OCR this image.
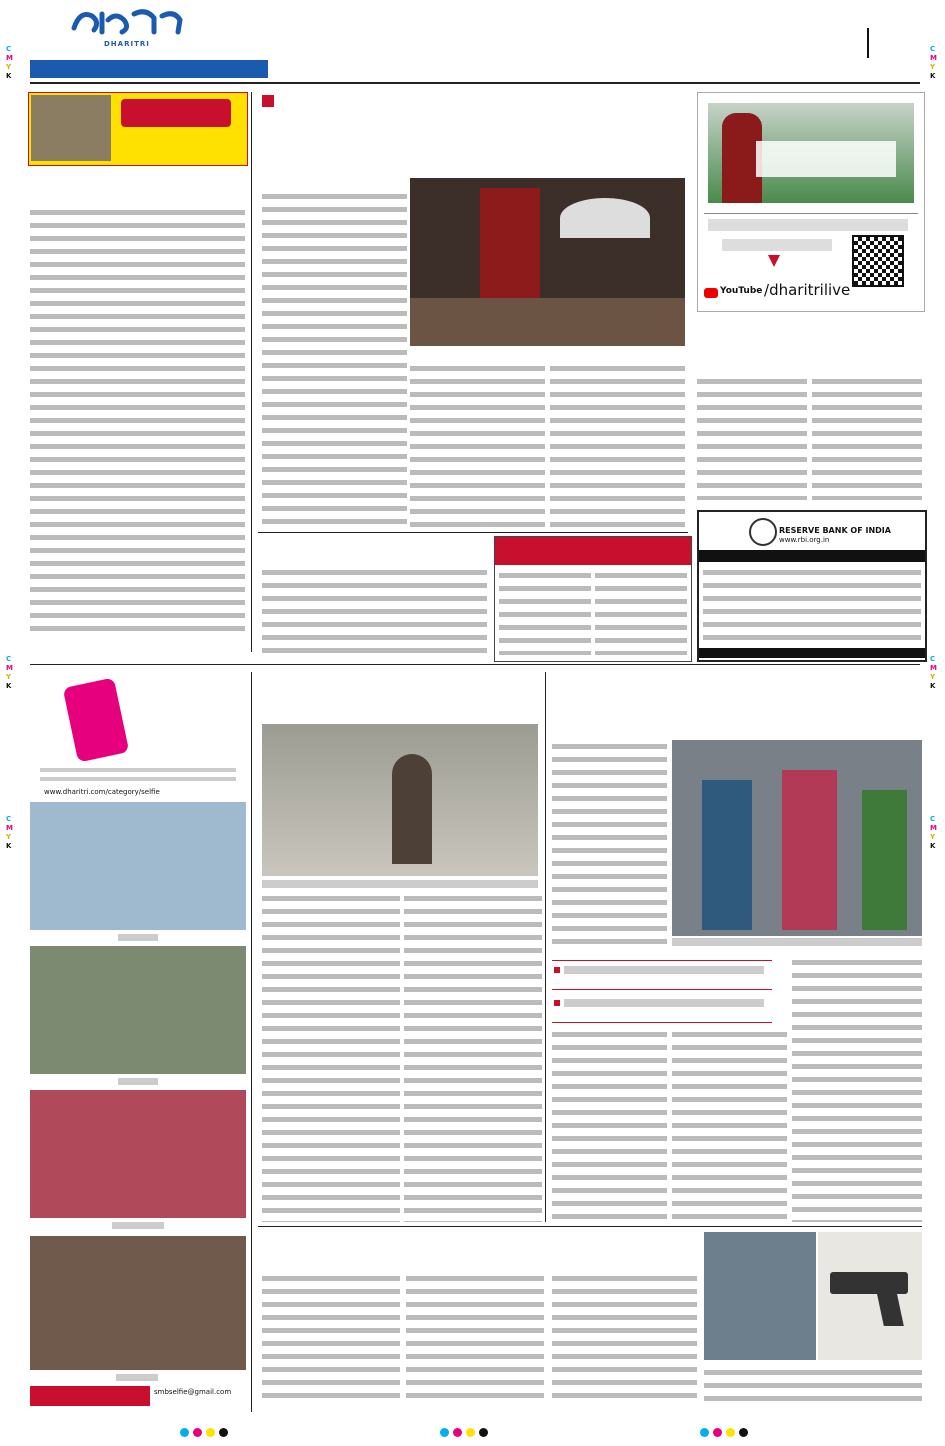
DHARITRI
C
M
Y
K
C
M
Y
K
C
M
Y
K
C
M
Y
K
C
M
Y
K
C
M
Y
K
YouTube /dharitrilive
RESERVE BANK OF INDIA
www.rbi.org.in
www.dharitri.com/category/selfie
smbselfie@gmail.com
